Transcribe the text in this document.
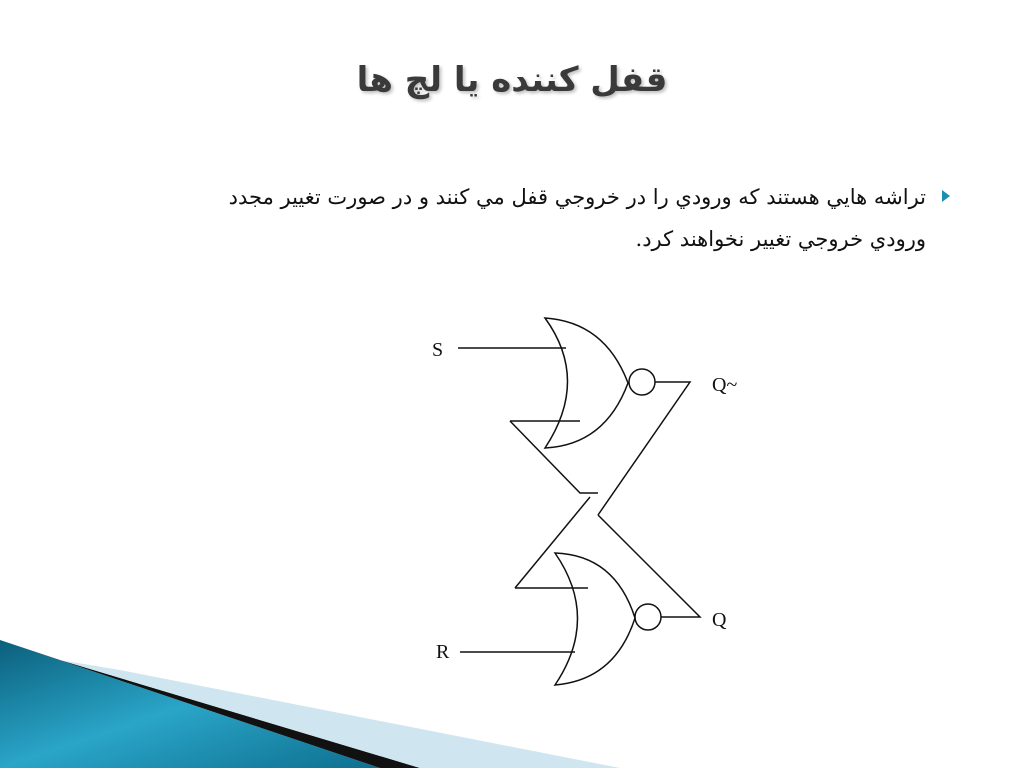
قفل كننده يا لچ ها
تراشه هايي هستند كه ورودي را در خروجي قفل مي كنند و در صورت تغيير مجدد
ورودي خروجي تغيير نخواهند كرد.
S
Q~
Q
R
